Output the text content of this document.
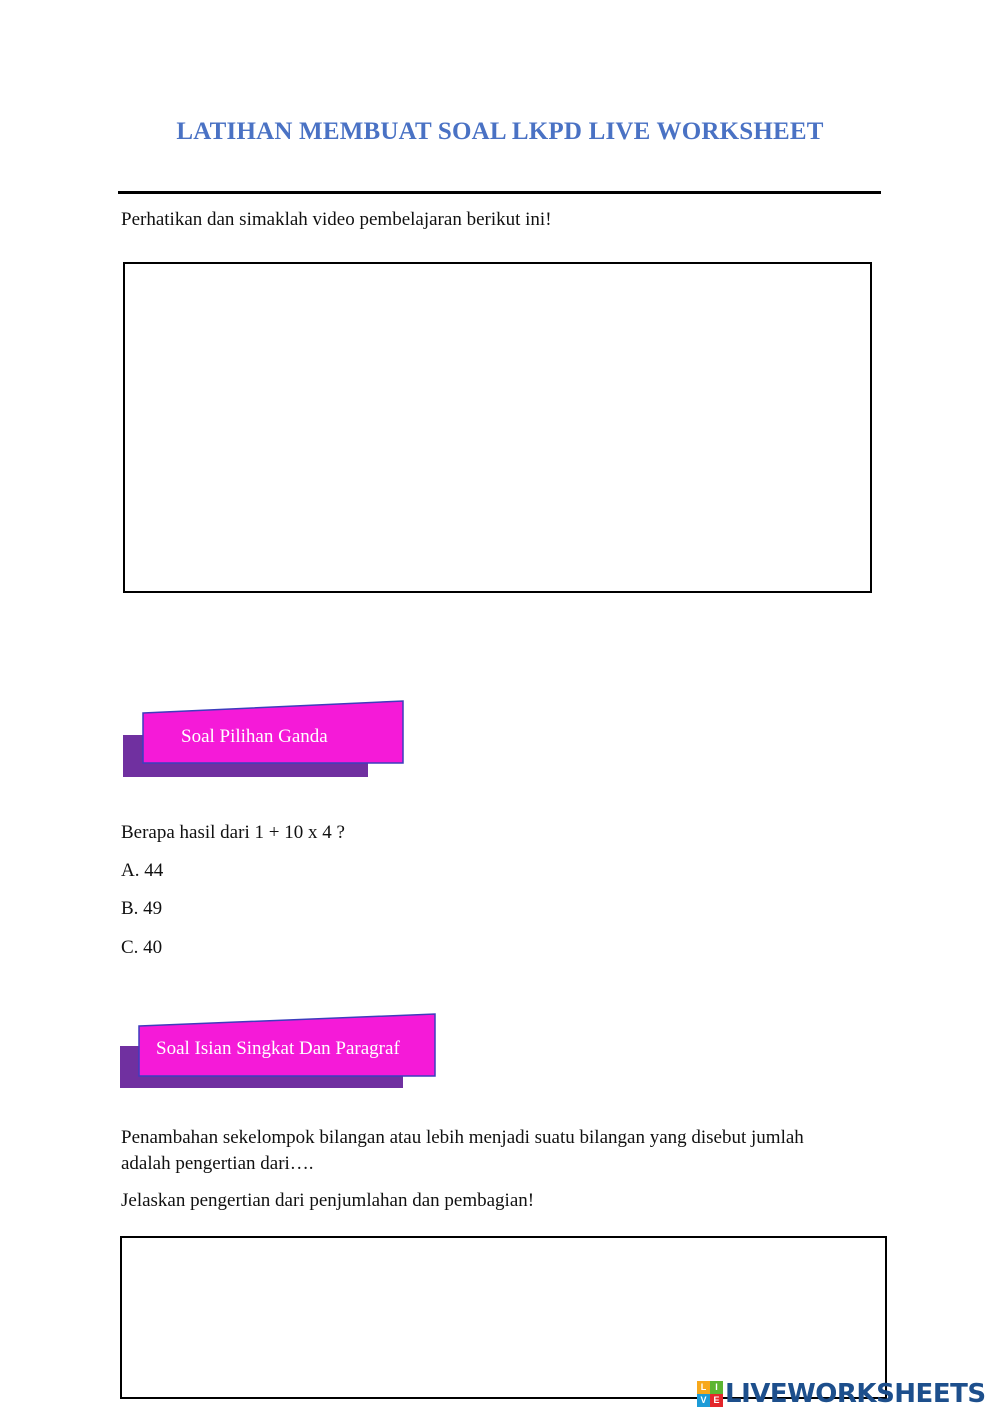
LATIHAN MEMBUAT SOAL LKPD LIVE WORKSHEET
Perhatikan dan simaklah video pembelajaran berikut ini!
Soal Pilihan Ganda
Berapa hasil dari 1 + 10 x 4 ?
A. 44
B. 49
C. 40
Soal Isian Singkat Dan Paragraf
Penambahan sekelompok bilangan atau lebih menjadi suatu bilangan yang disebut jumlah
adalah pengertian dari….
Jelaskan pengertian dari penjumlahan dan pembagian!
L I
V E LIVEWORKSHEETS
